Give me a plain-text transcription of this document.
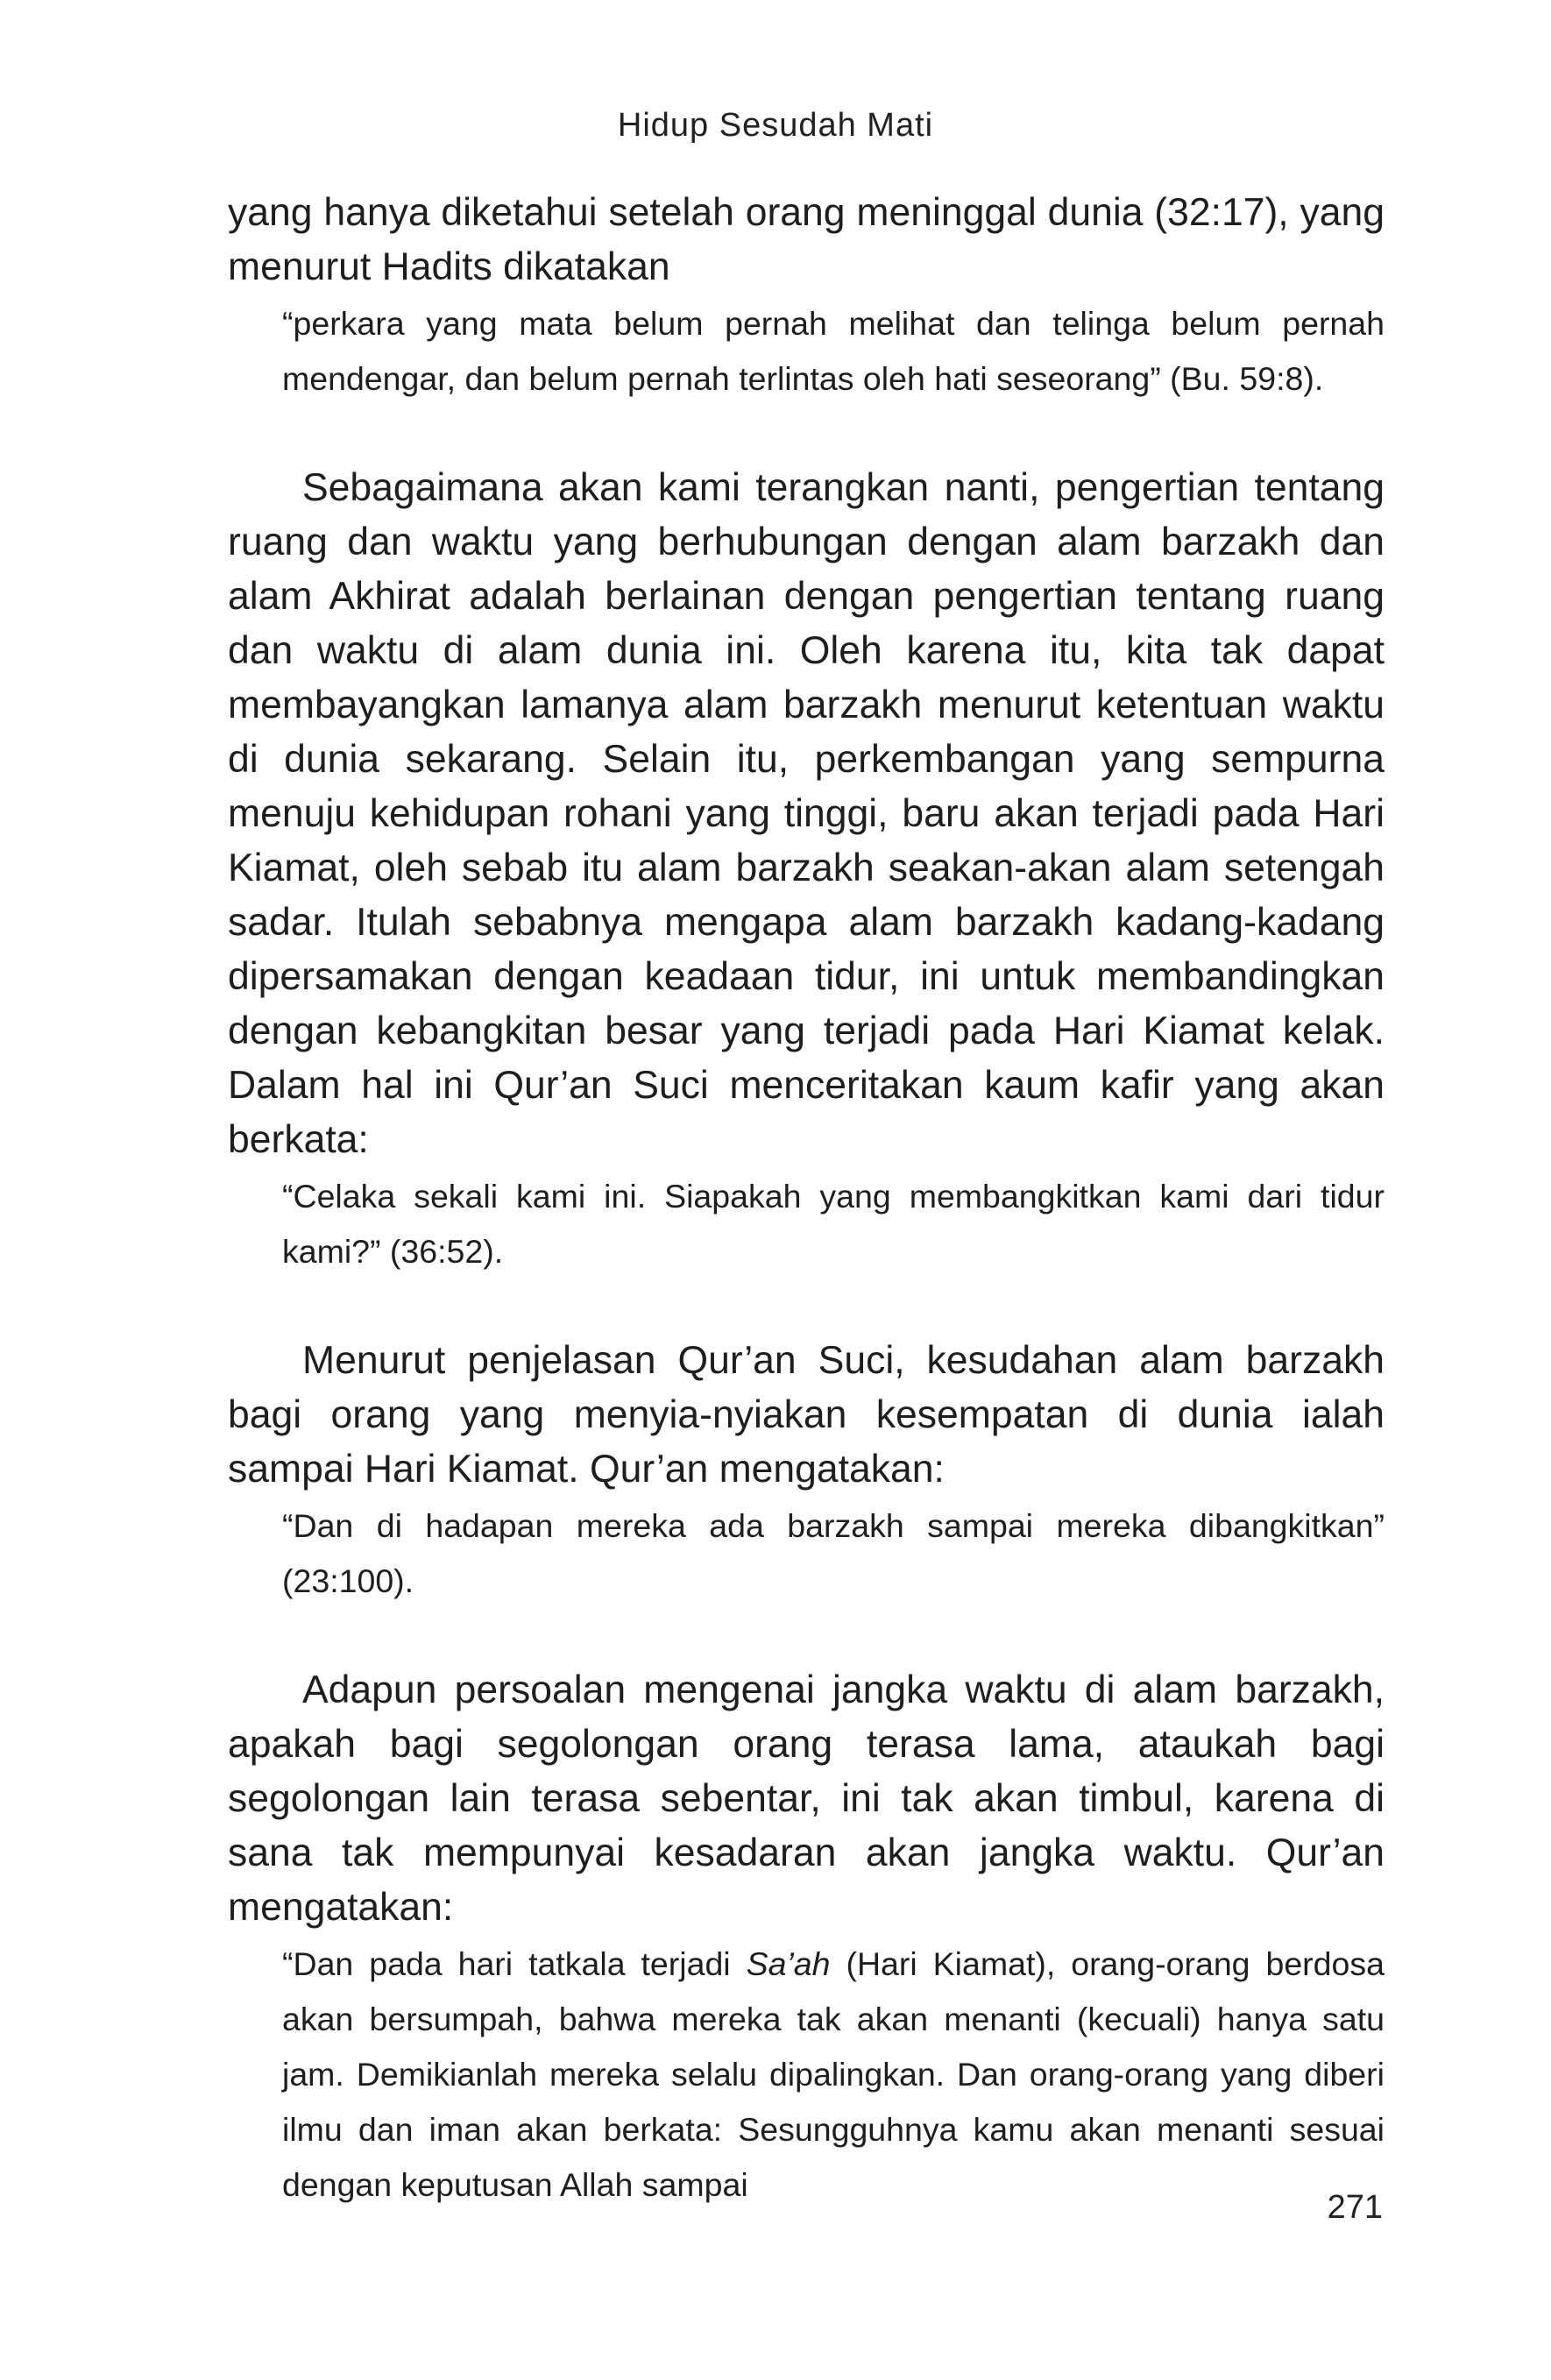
Hidup Sesudah Mati

yang hanya diketahui setelah orang meninggal dunia (32:17), yang menurut Hadits dikatakan

“perkara yang mata belum pernah melihat dan telinga belum pernah mendengar, dan belum pernah terlintas oleh hati seseorang” (Bu. 59:8).

Sebagaimana akan kami terangkan nanti, pengertian tentang ruang dan waktu yang berhubungan dengan alam barzakh dan alam Akhirat adalah berlainan dengan pengertian tentang ruang dan waktu di alam dunia ini. Oleh karena itu, kita tak dapat membayangkan lamanya alam barzakh menurut ketentuan waktu di dunia sekarang. Selain itu, perkembangan yang sempurna menuju kehidupan rohani yang tinggi, baru akan terjadi pada Hari Kiamat, oleh sebab itu alam barzakh seakan-akan alam setengah sadar. Itulah sebabnya mengapa alam barzakh kadang-kadang dipersamakan dengan keadaan tidur, ini untuk membandingkan dengan kebangkitan besar yang terjadi pada Hari Kiamat kelak. Dalam hal ini Qur’an Suci menceritakan kaum kafir yang akan berkata:

“Celaka sekali kami ini. Siapakah yang membangkitkan kami dari tidur kami?” (36:52).

Menurut penjelasan Qur’an Suci, kesudahan alam barzakh bagi orang yang menyia-nyiakan kesempatan di dunia ialah sampai Hari Kiamat. Qur’an mengatakan:

“Dan di hadapan mereka ada barzakh sampai mereka dibangkitkan” (23:100).

Adapun persoalan mengenai jangka waktu di alam barzakh, apakah bagi segolongan orang terasa lama, ataukah bagi segolongan lain terasa sebentar, ini tak akan timbul, karena di sana tak mempunyai kesadaran akan jangka waktu. Qur’an mengatakan:

“Dan pada hari tatkala terjadi Sa’ah (Hari Kiamat), orang-orang berdosa akan bersumpah, bahwa mereka tak akan menanti (kecuali) hanya satu jam. Demikianlah mereka selalu dipalingkan. Dan orang-orang yang diberi ilmu dan iman akan berkata: Sesungguhnya kamu akan menanti sesuai dengan keputusan Allah sampai
271
